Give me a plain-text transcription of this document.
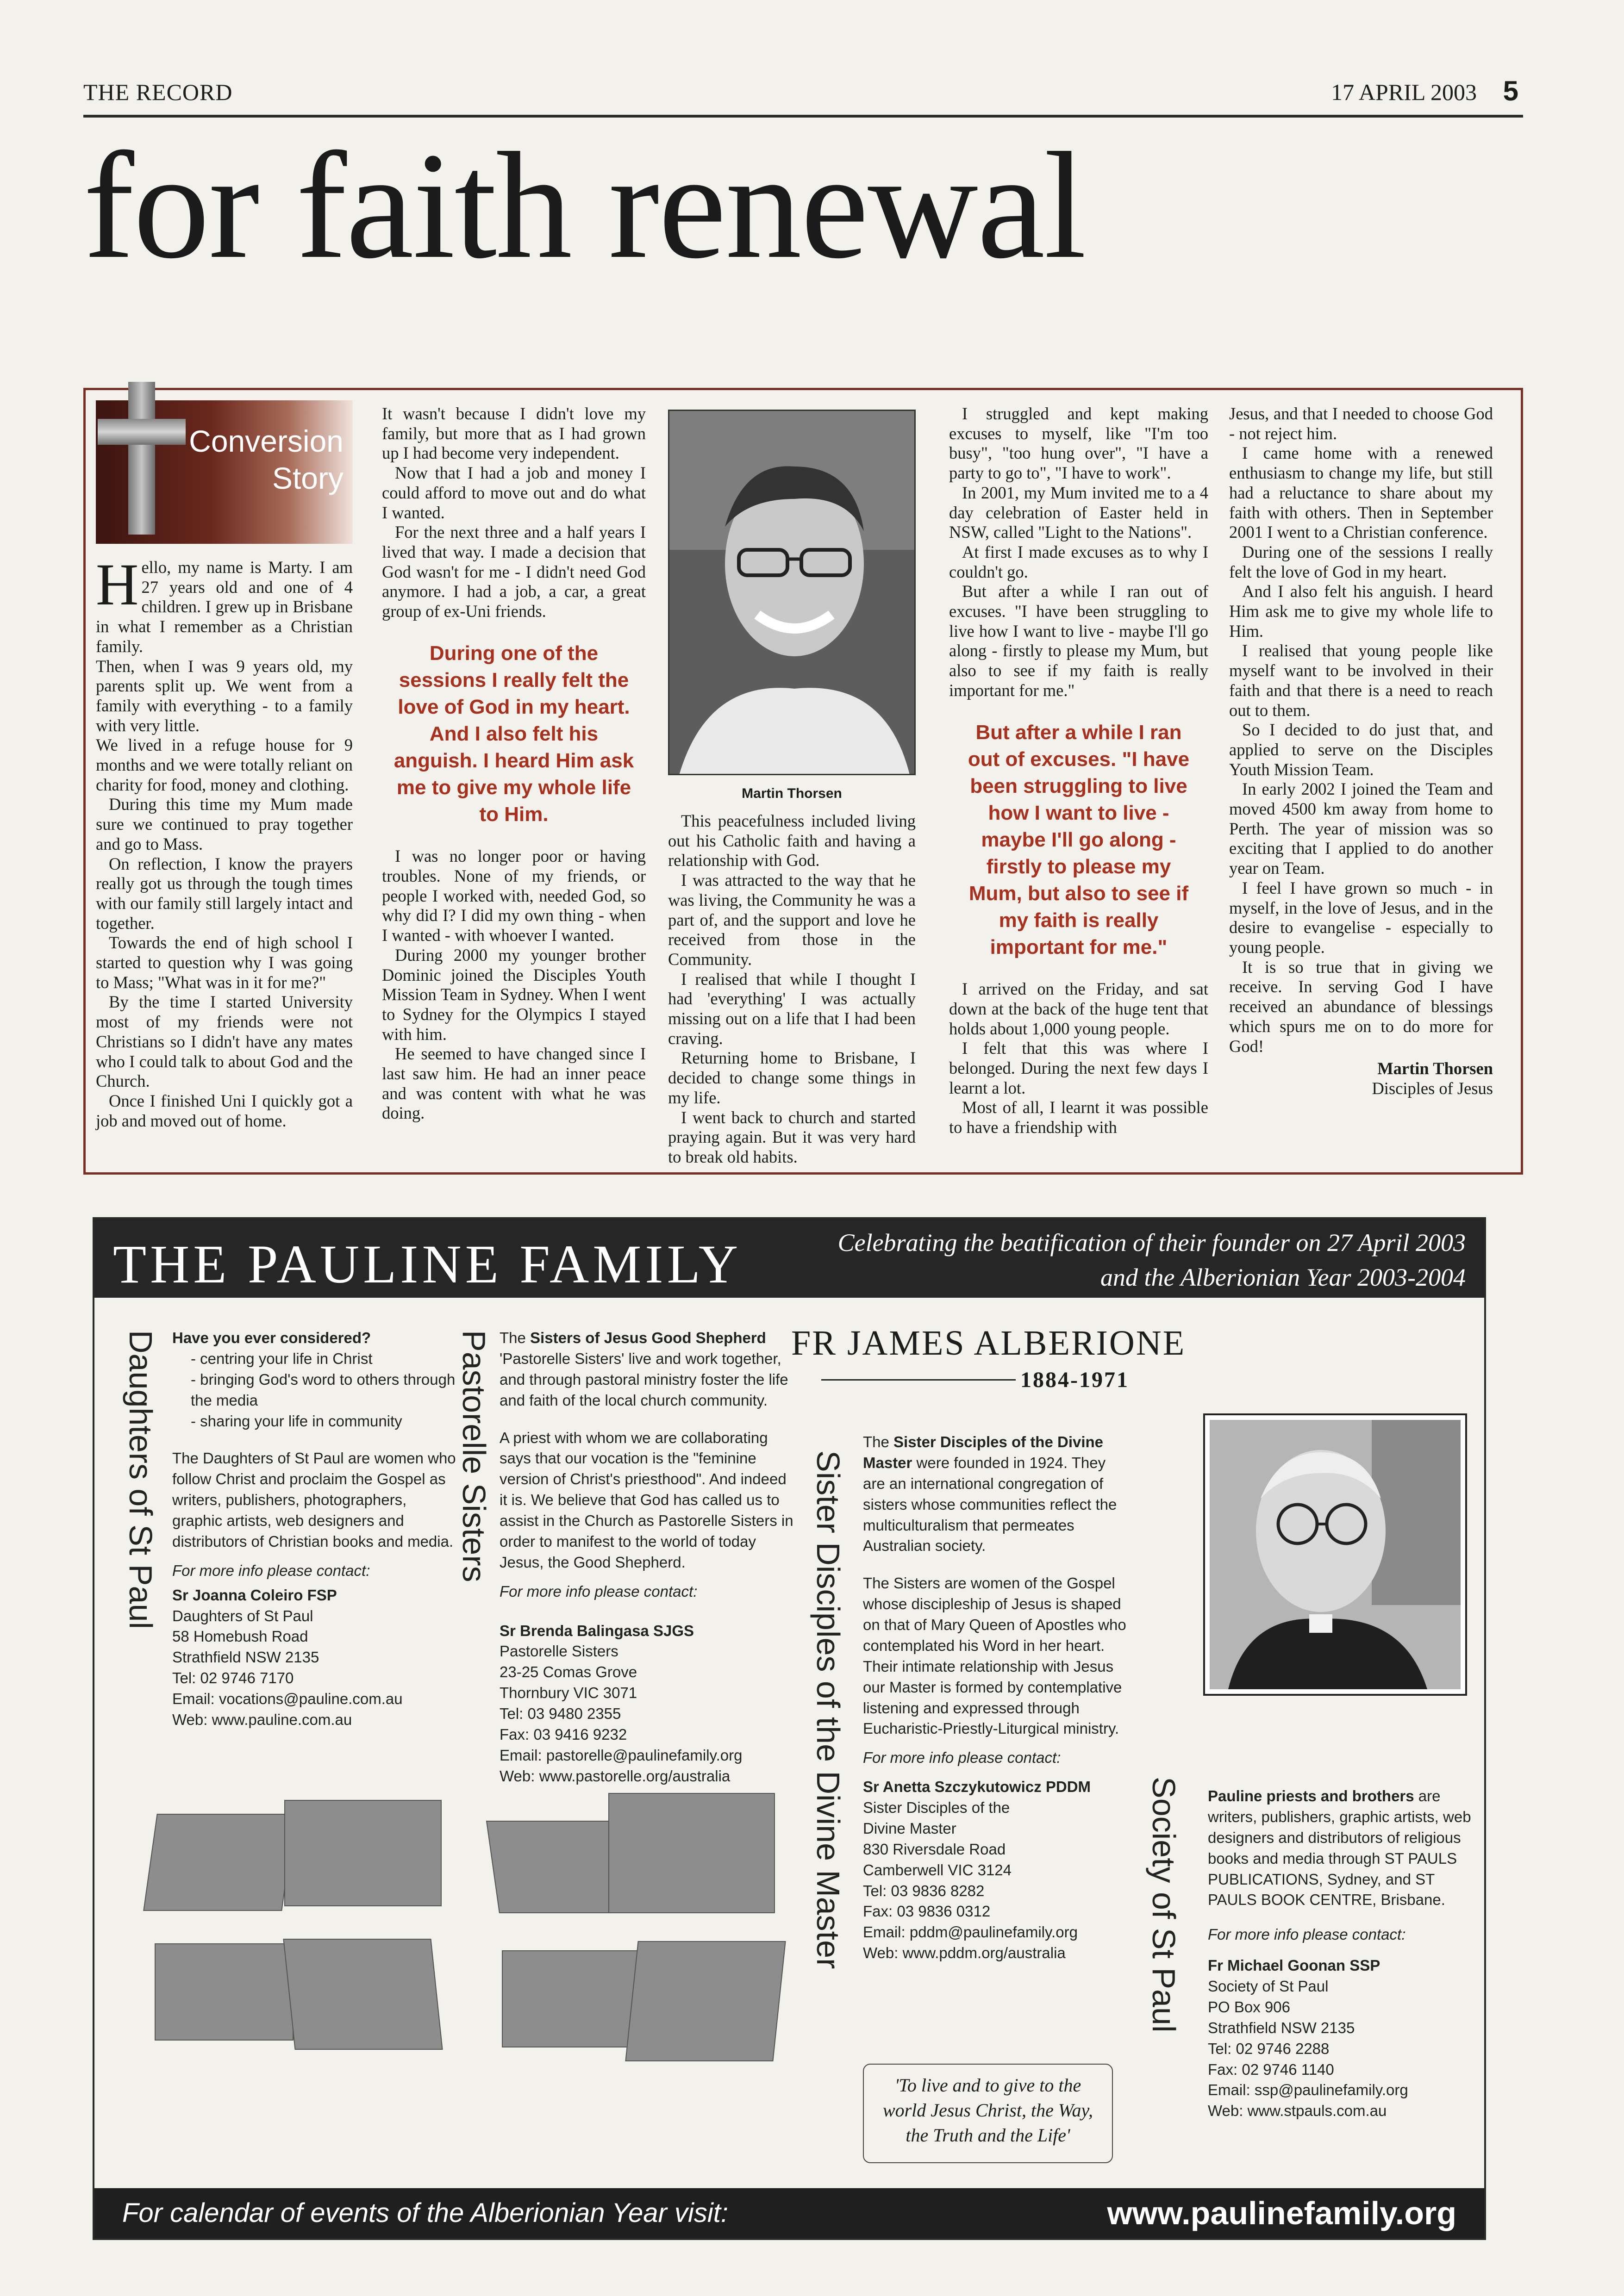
THE RECORD	17 APRIL 2003 5
for faith renewal
Conversion
Story

Hello, my name is Marty. I am 27 years old and one of 4 children. I grew up in Brisbane in what I remember as a Christian family.

Then, when I was 9 years old, my parents split up. We went from a family with everything - to a family with very little.

We lived in a refuge house for 9 months and we were totally reliant on charity for food, money and clothing.

During this time my Mum made sure we continued to pray together and go to Mass.

On reflection, I know the prayers really got us through the tough times with our family still largely intact and together.

Towards the end of high school I started to question why I was going to Mass; "What was in it for me?"

By the time I started University most of my friends were not Christians so I didn't have any mates who I could talk to about God and the Church.

Once I finished Uni I quickly got a job and moved out of home.

It wasn't because I didn't love my family, but more that as I had grown up I had become very independent.

Now that I had a job and money I could afford to move out and do what I wanted.

For the next three and a half years I lived that way. I made a decision that God wasn't for me - I didn't need God anymore. I had a job, a car, a great group of ex-Uni friends.

During one of the sessions I really felt the love of God in my heart. And I also felt his anguish. I heard Him ask me to give my whole life to Him.

I was no longer poor or having troubles. None of my friends, or people I worked with, needed God, so why did I? I did my own thing - when I wanted - with whoever I wanted.

During 2000 my younger brother Dominic joined the Disciples Youth Mission Team in Sydney. When I went to Sydney for the Olympics I stayed with him.

He seemed to have changed since I last saw him. He had an inner peace and was content with what he was doing.

Martin Thorsen

This peacefulness included living out his Catholic faith and having a relationship with God.

I was attracted to the way that he was living, the Community he was a part of, and the support and love he received from those in the Community.

I realised that while I thought I had 'everything' I was actually missing out on a life that I had been craving.

Returning home to Brisbane, I decided to change some things in my life.

I went back to church and started praying again. But it was very hard to break old habits.

I struggled and kept making excuses to myself, like "I'm too busy", "too hung over", "I have a party to go to", "I have to work".

In 2001, my Mum invited me to a 4 day celebration of Easter held in NSW, called "Light to the Nations".

At first I made excuses as to why I couldn't go.

But after a while I ran out of excuses. "I have been struggling to live how I want to live - maybe I'll go along - firstly to please my Mum, but also to see if my faith is really important for me."

But after a while I ran out of excuses. "I have been struggling to live how I want to live - maybe I'll go along - firstly to please my Mum, but also to see if my faith is really important for me."

I arrived on the Friday, and sat down at the back of the huge tent that holds about 1,000 young people.

I felt that this was where I belonged. During the next few days I learnt a lot.

Most of all, I learnt it was possible to have a friendship with

Jesus, and that I needed to choose God - not reject him.

I came home with a renewed enthusiasm to change my life, but still had a reluctance to share about my faith with others. Then in September 2001 I went to a Christian conference.

During one of the sessions I really felt the love of God in my heart.

And I also felt his anguish. I heard Him ask me to give my whole life to Him.

I realised that young people like myself want to be involved in their faith and that there is a need to reach out to them.

So I decided to do just that, and applied to serve on the Disciples Youth Mission Team.

In early 2002 I joined the Team and moved 4500 km away from home to Perth. The year of mission was so exciting that I applied to do another year on Team.

I feel I have grown so much - in myself, in the love of Jesus, and in the desire to evangelise - especially to young people.

It is so true that in giving we receive. In serving God I have received an abundance of blessings which spurs me on to do more for God!

Martin Thorsen
Disciples of Jesus
THE PAULINE FAMILY	Celebrating the beatification of their founder on 27 April 2003
and the Alberionian Year 2003-2004
Daughters of St Paul Have you ever considered?
- centring your life in Christ
- bringing God's word to others through the media
- sharing your life in community
The Daughters of St Paul are women who follow Christ and proclaim the Gospel as writers, publishers, photographers, graphic artists, web designers and distributors of Christian books and media.
For more info please contact:
Sr Joanna Coleiro FSP
Daughters of St Paul
58 Homebush Road
Strathfield NSW 2135
Tel: 02 9746 7170
Email: vocations@pauline.com.au
Web: www.pauline.com.au
Pastorelle Sisters The Sisters of Jesus Good Shepherd 'Pastorelle Sisters' live and work together, and through pastoral ministry foster the life and faith of the local church community.
A priest with whom we are collaborating says that our vocation is the "feminine version of Christ's priesthood". And indeed it is. We believe that God has called us to assist in the Church as Pastorelle Sisters in order to manifest to the world of today Jesus, the Good Shepherd.
For more info please contact:
Sr Brenda Balingasa SJGS
Pastorelle Sisters
23-25 Comas Grove
Thornbury VIC 3071
Tel: 03 9480 2355
Fax: 03 9416 9232
Email: pastorelle@paulinefamily.org
Web: www.pastorelle.org/australia
FR JAMES ALBERIONE
1884-1971
Sister Disciples of the Divine Master
The Sister Disciples of the Divine Master were founded in 1924. They are an international congregation of sisters whose communities reflect the multiculturalism that permeates Australian society.
The Sisters are women of the Gospel whose discipleship of Jesus is shaped on that of Mary Queen of Apostles who contemplated his Word in her heart. Their intimate relationship with Jesus our Master is formed by contemplative listening and expressed through Eucharistic-Priestly-Liturgical ministry.
For more info please contact:
Sr Anetta Szczykutowicz PDDM
Sister Disciples of the
Divine Master
830 Riversdale Road
Camberwell VIC 3124
Tel: 03 9836 8282
Fax: 03 9836 0312
Email: pddm@paulinefamily.org
Web: www.pddm.org/australia
'To live and to give to the
world Jesus Christ, the Way,
the Truth and the Life'
Society of St Paul Pauline priests and brothers are writers, publishers, graphic artists, web designers and distributors of religious books and media through ST PAULS PUBLICATIONS, Sydney, and ST PAULS BOOK CENTRE, Brisbane.
For more info please contact:
Fr Michael Goonan SSP
Society of St Paul
PO Box 906
Strathfield NSW 2135
Tel: 02 9746 2288
Fax: 02 9746 1140
Email: ssp@paulinefamily.org
Web: www.stpauls.com.au
For calendar of events of the Alberionian Year visit:	www.paulinefamily.org
